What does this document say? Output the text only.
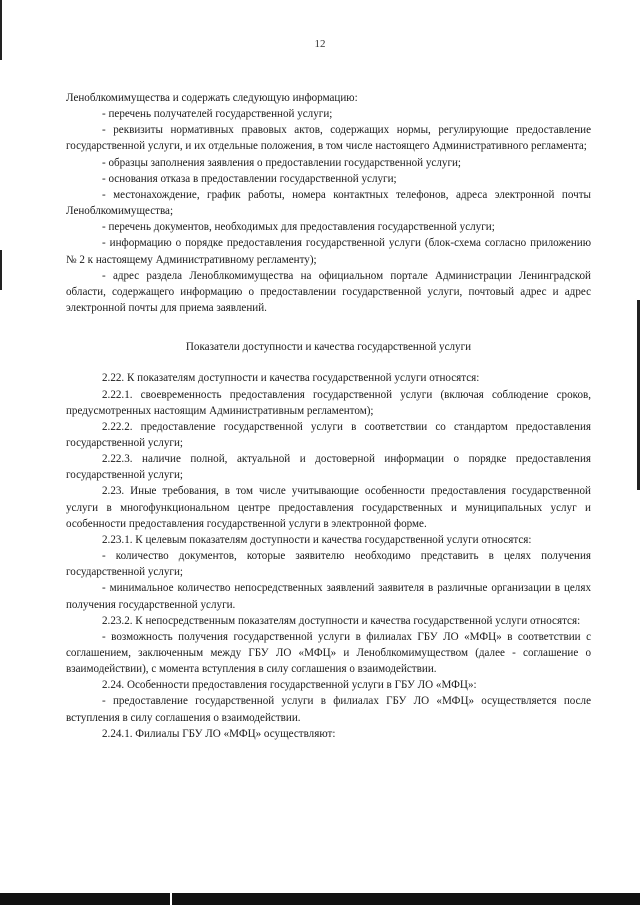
12

Леноблкомимущества и содержать следующую информацию:

- перечень получателей государственной услуги;

- реквизиты нормативных правовых актов, содержащих нормы, регулирующие предоставление государственной услуги, и их отдельные положения, в том числе настоящего Административного регламента;

- образцы заполнения заявления о предоставлении государственной услуги;

- основания отказа в предоставлении государственной услуги;

- местонахождение, график работы, номера контактных телефонов, адреса электронной почты Леноблкомимущества;

- перечень документов, необходимых для предоставления государственной услуги;

- информацию о порядке предоставления государственной услуги (блок-схема согласно приложению № 2 к настоящему Административному регламенту);

- адрес раздела Леноблкомимущества на официальном портале Администрации Ленинградской области, содержащего информацию о предоставлении государственной услуги, почтовый адрес и адрес электронной почты для приема заявлений.

Показатели доступности и качества государственной услуги

2.22. К показателям доступности и качества государственной услуги относятся:

2.22.1. своевременность предоставления государственной услуги (включая соблюдение сроков, предусмотренных настоящим Административным регламентом);

2.22.2. предоставление государственной услуги в соответствии со стандартом предоставления государственной услуги;

2.22.3. наличие полной, актуальной и достоверной информации о порядке предоставления государственной услуги;

2.23. Иные требования, в том числе учитывающие особенности предоставления государственной услуги в многофункциональном центре предоставления государственных и муниципальных услуг и особенности предоставления государственной услуги в электронной форме.

2.23.1. К целевым показателям доступности и качества государственной услуги относятся:

- количество документов, которые заявителю необходимо представить в целях получения государственной услуги;

- минимальное количество непосредственных заявлений заявителя в различные организации в целях получения государственной услуги.

2.23.2. К непосредственным показателям доступности и качества государственной услуги относятся:

- возможность получения государственной услуги в филиалах ГБУ ЛО «МФЦ» в соответствии с соглашением, заключенным между ГБУ ЛО «МФЦ» и Леноблкомимуществом (далее - соглашение о взаимодействии), с момента вступления в силу соглашения о взаимодействии.

2.24. Особенности предоставления государственной услуги в ГБУ ЛО «МФЦ»:

- предоставление государственной услуги в филиалах ГБУ ЛО «МФЦ» осуществляется после вступления в силу соглашения о взаимодействии.

2.24.1. Филиалы ГБУ ЛО «МФЦ» осуществляют:
